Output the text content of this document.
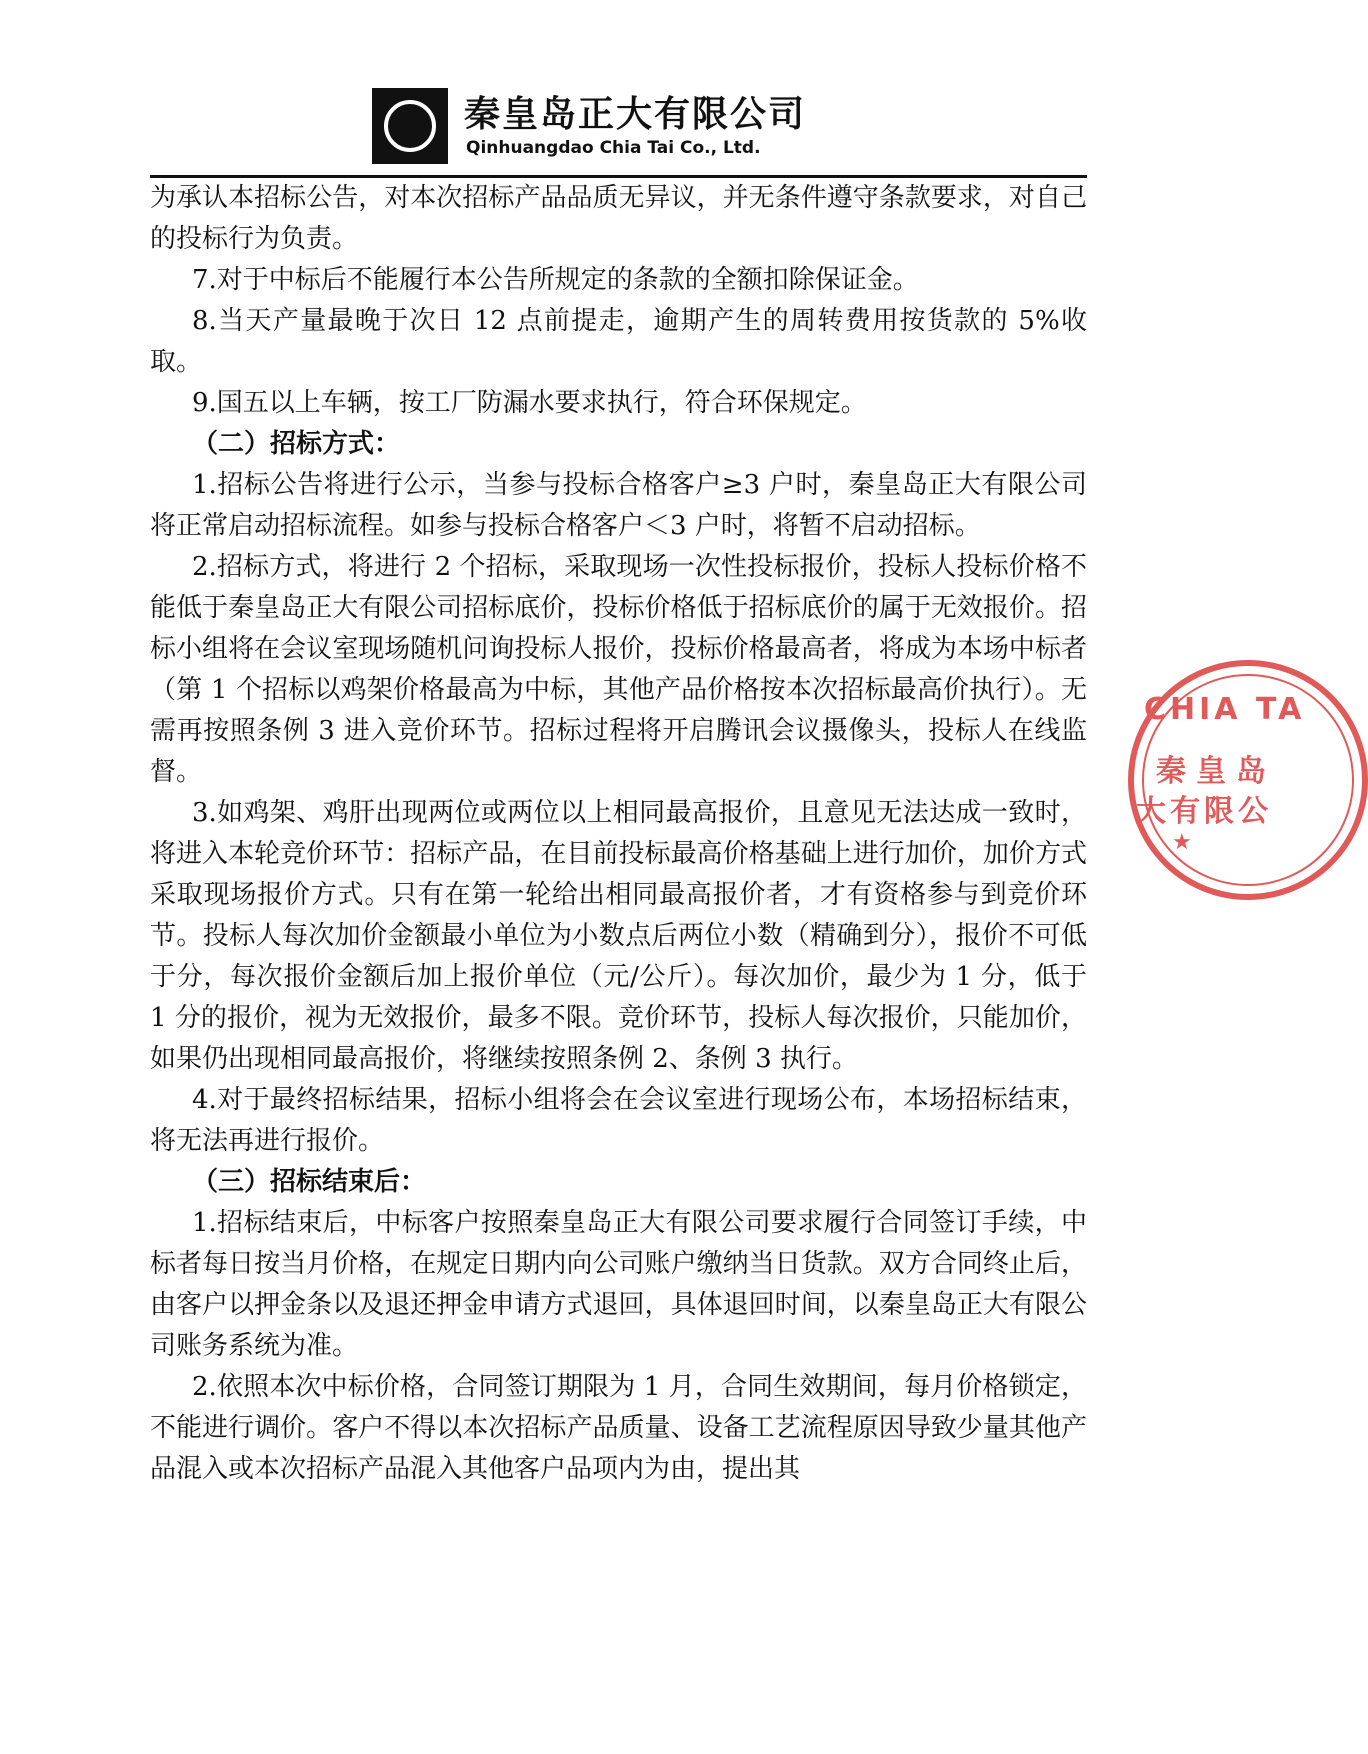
秦皇岛正大有限公司
Qinhuangdao Chia Tai Co., Ltd.

为承认本招标公告，对本次招标产品品质无异议，并无条件遵守条款要求，对自己的投标行为负责。

7.对于中标后不能履行本公告所规定的条款的全额扣除保证金。

8.当天产量最晚于次日 12 点前提走，逾期产生的周转费用按货款的 5%收取。

9.国五以上车辆，按工厂防漏水要求执行，符合环保规定。

（二）招标方式：

1.招标公告将进行公示，当参与投标合格客户≥3 户时，秦皇岛正大有限公司将正常启动招标流程。如参与投标合格客户＜3 户时，将暂不启动招标。

2.招标方式，将进行 2 个招标，采取现场一次性投标报价，投标人投标价格不能低于秦皇岛正大有限公司招标底价，投标价格低于招标底价的属于无效报价。招标小组将在会议室现场随机问询投标人报价，投标价格最高者，将成为本场中标者（第 1 个招标以鸡架价格最高为中标，其他产品价格按本次招标最高价执行）。无需再按照条例 3 进入竞价环节。招标过程将开启腾讯会议摄像头，投标人在线监督。

3.如鸡架、鸡肝出现两位或两位以上相同最高报价，且意见无法达成一致时，将进入本轮竞价环节：招标产品，在目前投标最高价格基础上进行加价，加价方式采取现场报价方式。只有在第一轮给出相同最高报价者，才有资格参与到竞价环节。投标人每次加价金额最小单位为小数点后两位小数（精确到分），报价不可低于分，每次报价金额后加上报价单位（元/公斤）。每次加价，最少为 1 分，低于 1 分的报价，视为无效报价，最多不限。竞价环节，投标人每次报价，只能加价，如果仍出现相同最高报价，将继续按照条例 2、条例 3 执行。

4.对于最终招标结果，招标小组将会在会议室进行现场公布，本场招标结束，将无法再进行报价。

（三）招标结束后：

1.招标结束后，中标客户按照秦皇岛正大有限公司要求履行合同签订手续，中标者每日按当月价格，在规定日期内向公司账户缴纳当日货款。双方合同终止后，由客户以押金条以及退还押金申请方式退回，具体退回时间，以秦皇岛正大有限公司账务系统为准。

2.依照本次中标价格，合同签订期限为 1 月，合同生效期间，每月价格锁定，不能进行调价。客户不得以本次招标产品质量、设备工艺流程原因导致少量其他产品混入或本次招标产品混入其他客户品项内为由，提出其

CHIA TA
秦皇岛
大有限公
★
